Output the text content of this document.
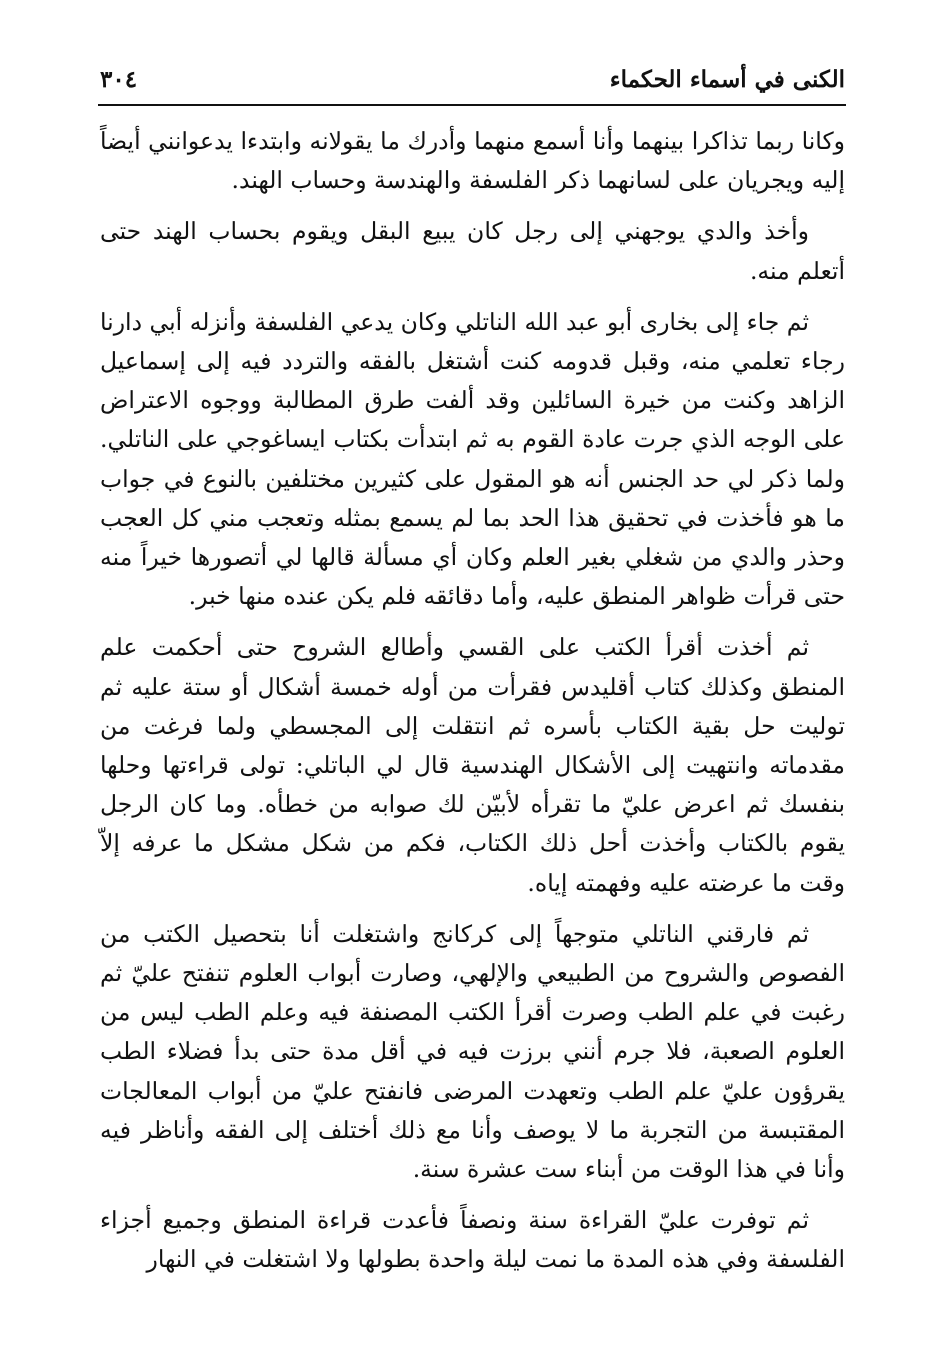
الكنى في أسماء الحكماء
٣٠٤

وكانا ربما تذاكرا بينهما وأنا أسمع منهما وأدرك ما يقولانه وابتدءا يدعوانني أيضاً إليه ويجريان على لسانهما ذكر الفلسفة والهندسة وحساب الهند.

وأخذ والدي يوجهني إلى رجل كان يبيع البقل ويقوم بحساب الهند حتى أتعلم منه.

ثم جاء إلى بخارى أبو عبد الله الناتلي وكان يدعي الفلسفة وأنزله أبي دارنا رجاء تعلمي منه، وقبل قدومه كنت أشتغل بالفقه والتردد فيه إلى إسماعيل الزاهد وكنت من خيرة السائلين وقد ألفت طرق المطالبة ووجوه الاعتراض على الوجه الذي جرت عادة القوم به ثم ابتدأت بكتاب ايساغوجي على الناتلي. ولما ذكر لي حد الجنس أنه هو المقول على كثيرين مختلفين بالنوع في جواب ما هو فأخذت في تحقيق هذا الحد بما لم يسمع بمثله وتعجب مني كل العجب وحذر والدي من شغلي بغير العلم وكان أي مسألة قالها لي أتصورها خيراً منه حتى قرأت ظواهر المنطق عليه، وأما دقائقه فلم يكن عنده منها خبر.

ثم أخذت أقرأ الكتب على القسي وأطالع الشروح حتى أحكمت علم المنطق وكذلك كتاب أقليدس فقرأت من أوله خمسة أشكال أو ستة عليه ثم توليت حل بقية الكتاب بأسره ثم انتقلت إلى المجسطي ولما فرغت من مقدماته وانتهيت إلى الأشكال الهندسية قال لي الباتلي: تولى قراءتها وحلها بنفسك ثم اعرض عليّ ما تقرأه لأبيّن لك صوابه من خطأه. وما كان الرجل يقوم بالكتاب وأخذت أحل ذلك الكتاب، فكم من شكل مشكل ما عرفه إلاّ وقت ما عرضته عليه وفهمته إياه.

ثم فارقني الناتلي متوجهاً إلى كركانج واشتغلت أنا بتحصيل الكتب من الفصوص والشروح من الطبيعي والإلهي، وصارت أبواب العلوم تنفتح عليّ ثم رغبت في علم الطب وصرت أقرأ الكتب المصنفة فيه وعلم الطب ليس من العلوم الصعبة، فلا جرم أنني برزت فيه في أقل مدة حتى بدأ فضلاء الطب يقرؤون عليّ علم الطب وتعهدت المرضى فانفتح عليّ من أبواب المعالجات المقتبسة من التجربة ما لا يوصف وأنا مع ذلك أختلف إلى الفقه وأناظر فيه وأنا في هذا الوقت من أبناء ست عشرة سنة.

ثم توفرت عليّ القراءة سنة ونصفاً فأعدت قراءة المنطق وجميع أجزاء الفلسفة وفي هذه المدة ما نمت ليلة واحدة بطولها ولا اشتغلت في النهار
